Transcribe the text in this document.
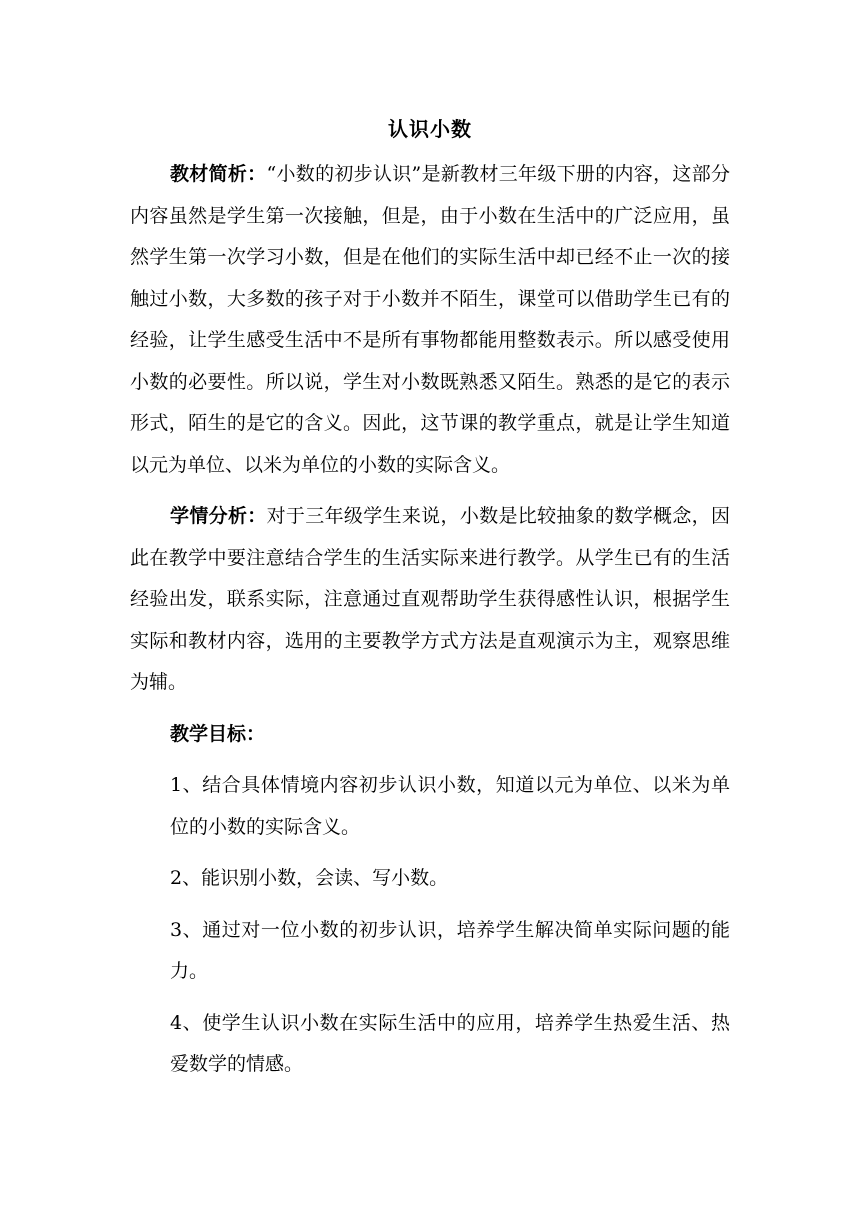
认识小数

教材简析：“小数的初步认识”是新教材三年级下册的内容，这部分内容虽然是学生第一次接触，但是，由于小数在生活中的广泛应用，虽然学生第一次学习小数，但是在他们的实际生活中却已经不止一次的接触过小数，大多数的孩子对于小数并不陌生，课堂可以借助学生已有的经验，让学生感受生活中不是所有事物都能用整数表示。所以感受使用小数的必要性。所以说，学生对小数既熟悉又陌生。熟悉的是它的表示形式，陌生的是它的含义。因此，这节课的教学重点，就是让学生知道以元为单位、以米为单位的小数的实际含义。

学情分析：对于三年级学生来说，小数是比较抽象的数学概念，因此在教学中要注意结合学生的生活实际来进行教学。从学生已有的生活经验出发，联系实际，注意通过直观帮助学生获得感性认识，根据学生实际和教材内容，选用的主要教学方式方法是直观演示为主，观察思维为辅。

教学目标：
1、结合具体情境内容初步认识小数，知道以元为单位、以米为单位的小数的实际含义。
2、能识别小数，会读、写小数。
3、通过对一位小数的初步认识，培养学生解决简单实际问题的能力。
4、使学生认识小数在实际生活中的应用，培养学生热爱生活、热爱数学的情感。
